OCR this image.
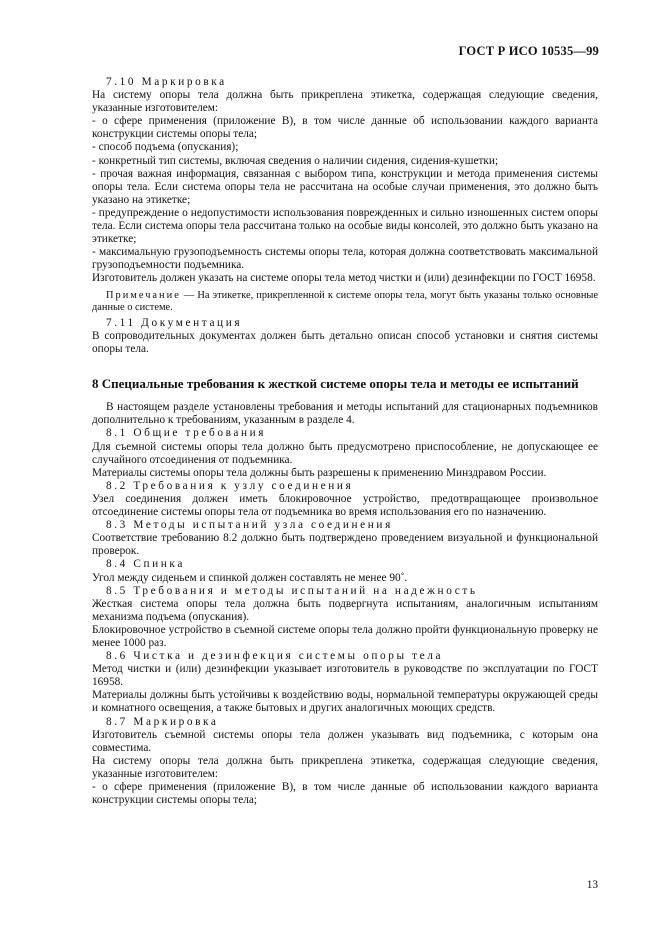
ГОСТ Р ИСО 10535—99

7.10 Маркировка

На систему опоры тела должна быть прикреплена этикетка, содержащая следующие сведения, указанные изготовителем:

- о сфере применения (приложение В), в том числе данные об использовании каждого варианта конструкции системы опоры тела;

- способ подъема (опускания);

- конкретный тип системы, включая сведения о наличии сидения, сидения-кушетки;

- прочая важная информация, связанная с выбором типа, конструкции и метода применения системы опоры тела. Если система опоры тела не рассчитана на особые случаи применения, это должно быть указано на этикетке;

- предупреждение о недопустимости использования поврежденных и сильно изношенных систем опоры тела. Если система опоры тела рассчитана только на особые виды консолей, это должно быть указано на этикетке;

- максимальную грузоподъемность системы опоры тела, которая должна соответствовать максимальной грузоподъемности подъемника.

Изготовитель должен указать на системе опоры тела метод чистки и (или) дезинфекции по ГОСТ 16958.

Примечание — На этикетке, прикрепленной к системе опоры тела, могут быть указаны только основные данные о системе.

7.11 Документация

В сопроводительных документах должен быть детально описан способ установки и снятия системы опоры тела.

8 Специальные требования к жесткой системе опоры тела и методы ее испытаний

В настоящем разделе установлены требования и методы испытаний для стационарных подъемников дополнительно к требованиям, указанным в разделе 4.

8.1 Общие требования

Для съемной системы опоры тела должно быть предусмотрено приспособление, не допускающее ее случайного отсоединения от подъемника.

Материалы системы опоры тела должны быть разрешены к применению Минздравом России.

8.2 Требования к узлу соединения

Узел соединения должен иметь блокировочное устройство, предотвращающее произвольное отсоединение системы опоры тела от подъемника во время использования его по назначению.

8.3 Методы испытаний узла соединения

Соответствие требованию 8.2 должно быть подтверждено проведением визуальной и функциональной проверок.

8.4 Спинка

Угол между сиденьем и спинкой должен составлять не менее 90˚.

8.5 Требования и методы испытаний на надежность

Жесткая система опоры тела должна быть подвергнута испытаниям, аналогичным испытаниям механизма подъема (опускания).

Блокировочное устройство в съемной системе опоры тела должно пройти функциональную проверку не менее 1000 раз.

8.6 Чистка и дезинфекция системы опоры тела

Метод чистки и (или) дезинфекции указывает изготовитель в руководстве по эксплуатации по ГОСТ 16958.

Материалы должны быть устойчивы к воздействию воды, нормальной температуры окружающей среды и комнатного освещения, а также бытовых и других аналогичных моющих средств.

8.7 Маркировка

Изготовитель съемной системы опоры тела должен указывать вид подъемника, с которым она совместима.

На систему опоры тела должна быть прикреплена этикетка, содержащая следующие сведения, указанные изготовителем:

- о сфере применения (приложение В), в том числе данные об использовании каждого варианта конструкции системы опоры тела;

13
